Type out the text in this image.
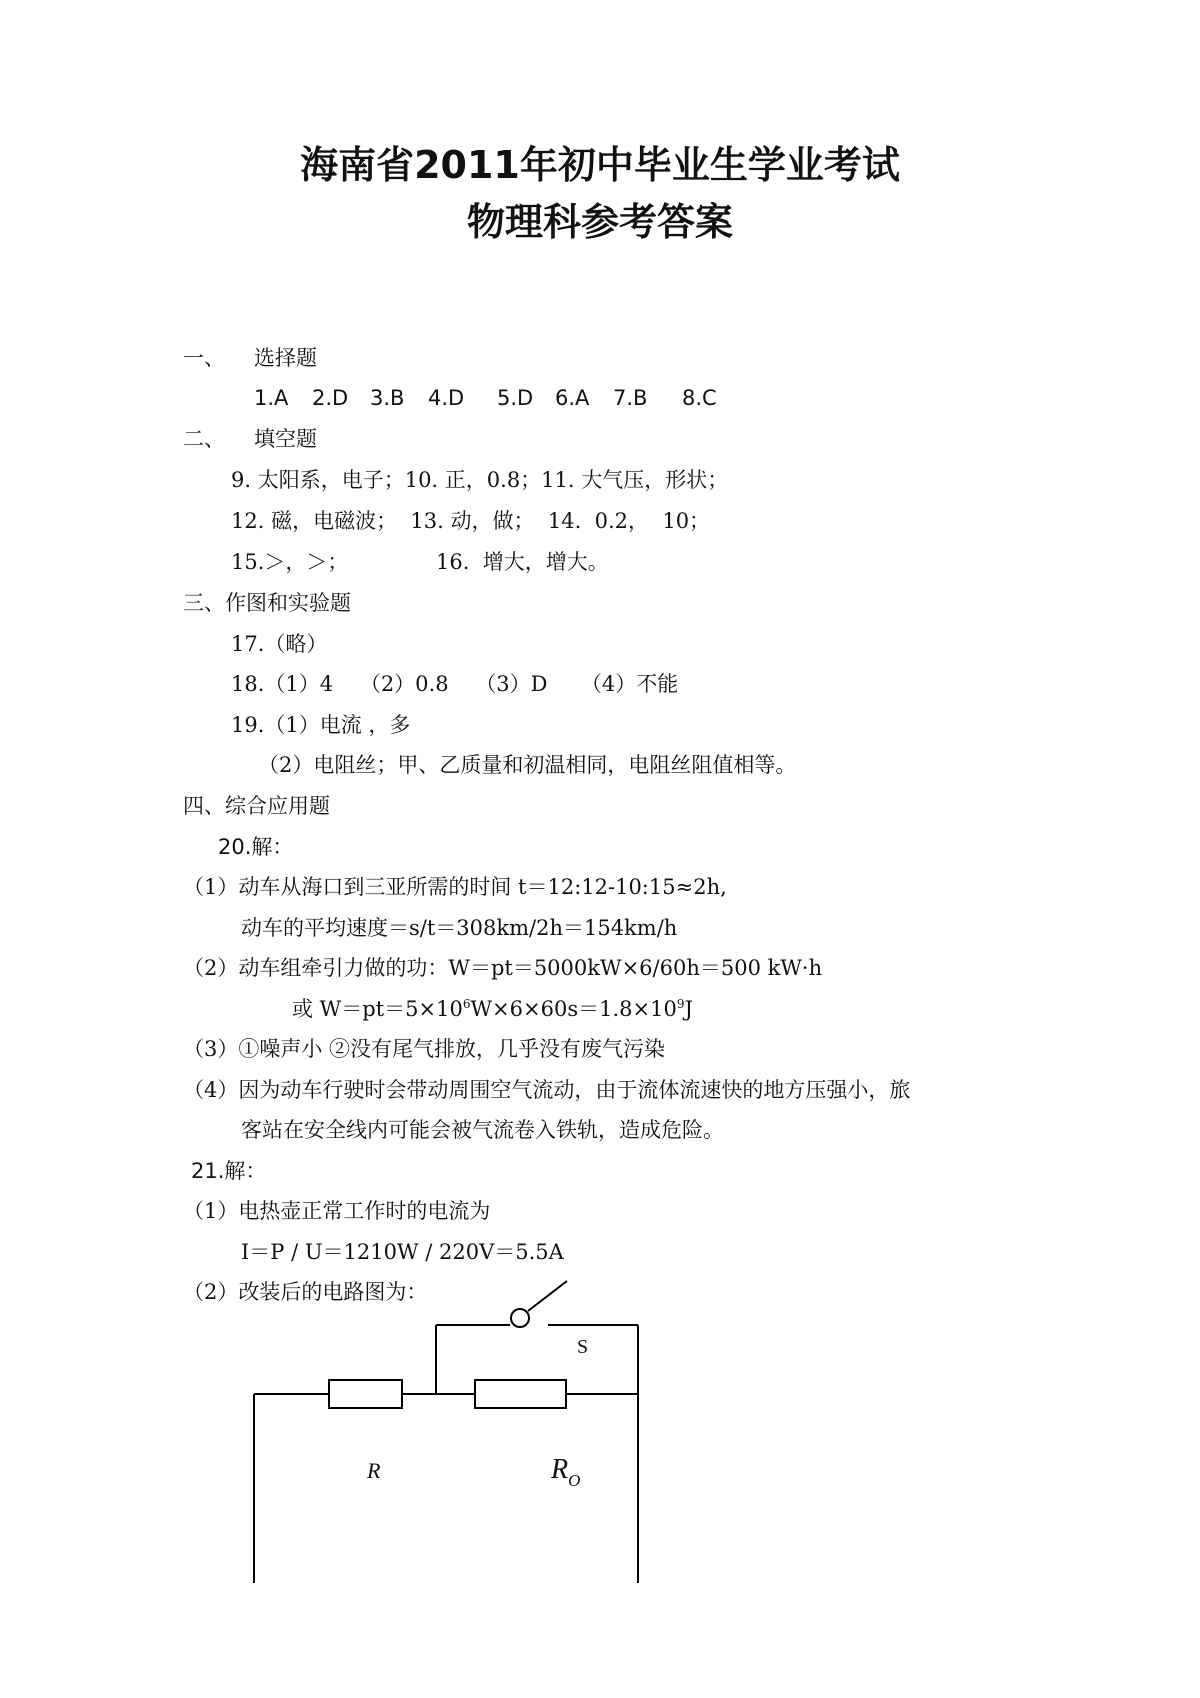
海南省2011年初中毕业生学业考试
物理科参考答案
一、 选择题
1.A 2.D 3.B 4.D 5.D 6.A 7.B 8.C
二、 填空题
9. 太阳系，电子；10. 正，0.8；11. 大气压，形状；
12. 磁，电磁波；  13. 动，做；  14.  0.2，  10；
15.＞，＞；	16.  增大，增大。
三、作图和实验题
17.（略）
18.（1）4    （2）0.8    （3）D     （4）不能
19.（1）电流 ，多
（2）电阻丝；甲、乙质量和初温相同，电阻丝阻值相等。
四、综合应用题
20.解：
（1）动车从海口到三亚所需的时间 t＝12:12-10:15≈2h,
动车的平均速度＝s/t＝308km/2h＝154km/h
（2）动车组牵引力做的功：W＝pt＝5000kW×6/60h＝500 kW·h
或 $W=pt=5\times 10^6W\times 6\times 60s=1.8\times 10^9J$
（3）①噪声小 ②没有尾气排放，几乎没有废气污染
（4）因为动车行驶时会带动周围空气流动，由于流体流速快的地方压强小，旅
客站在安全线内可能会被气流卷入铁轨，造成危险。
21.解：
（1）电热壶正常工作时的电流为
I＝P / U＝1210W / 220V＝5.5A
（2）改装后的电路图为：
S
R	$R_O$
